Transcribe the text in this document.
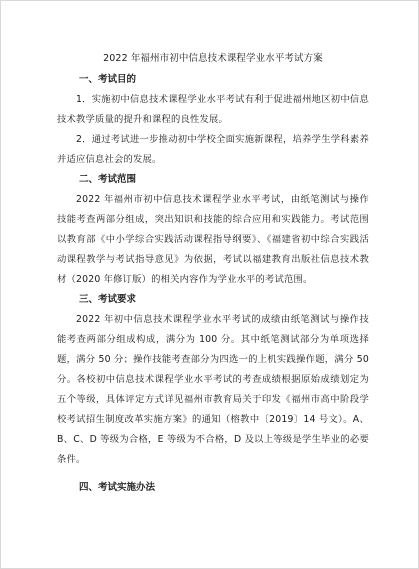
2022 年福州市初中信息技术课程学业水平考试方案
一、考试目的

1．实施初中信息技术课程学业水平考试有利于促进福州地区初中信息技术教学质量的提升和课程的良性发展。

2．通过考试进一步推动初中学校全面实施新课程，培养学生学科素养并适应信息社会的发展。

二、考试范围

2022 年福州市初中信息技术课程学业水平考试，由纸笔测试与操作技能考查两部分组成，突出知识和技能的综合应用和实践能力。考试范围以教育部《中小学综合实践活动课程指导纲要》、《福建省初中综合实践活动课程教学与考试指导意见》为依据，考试以福建教育出版社信息技术教材（2020 年修订版）的相关内容作为学业水平的考试范围。

三、考试要求

2022 年初中信息技术课程学业水平考试的成绩由纸笔测试与操作技能考查两部分组成构成，满分为 100 分。其中纸笔测试部分为单项选择题，满分 50 分；操作技能考查部分为四选一的上机实践操作题，满分 50 分。各校初中信息技术课程学业水平考试的考查成绩根据原始成绩划定为五个等级，具体评定方式详见福州市教育局关于印发《福州市高中阶段学校考试招生制度改革实施方案》的通知（榕教中〔2019〕14 号文）。A、B、C、D 等级为合格，E 等级为不合格，D 及以上等级是学生毕业的必要条件。

四、考试实施办法
